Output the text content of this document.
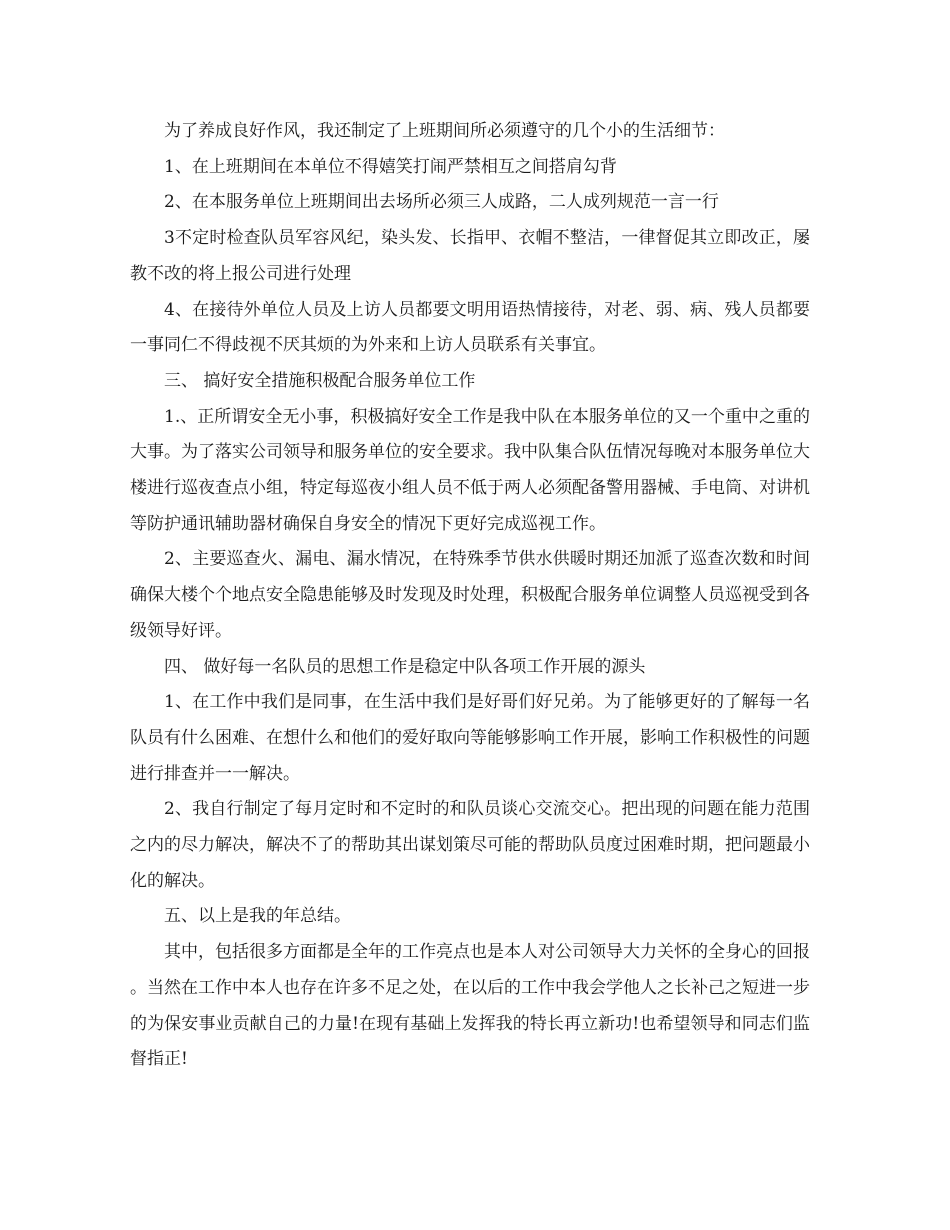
为了养成良好作风，我还制定了上班期间所必须遵守的几个小的生活细节：

1、在上班期间在本单位不得嬉笑打闹严禁相互之间搭肩勾背

2、在本服务单位上班期间出去场所必须三人成路，二人成列规范一言一行

3不定时检查队员军容风纪，染头发、长指甲、衣帽不整洁，一律督促其立即改正，屡教不改的将上报公司进行处理

4、在接待外单位人员及上访人员都要文明用语热情接待，对老、弱、病、残人员都要一事同仁不得歧视不厌其烦的为外来和上访人员联系有关事宜。

三、 搞好安全措施积极配合服务单位工作

1.、正所谓安全无小事，积极搞好安全工作是我中队在本服务单位的又一个重中之重的大事。为了落实公司领导和服务单位的安全要求。我中队集合队伍情况每晚对本服务单位大楼进行巡夜查点小组，特定每巡夜小组人员不低于两人必须配备警用器械、手电筒、对讲机等防护通讯辅助器材确保自身安全的情况下更好完成巡视工作。

2、主要巡查火、漏电、漏水情况，在特殊季节供水供暖时期还加派了巡查次数和时间确保大楼个个地点安全隐患能够及时发现及时处理，积极配合服务单位调整人员巡视受到各级领导好评。

四、 做好每一名队员的思想工作是稳定中队各项工作开展的源头

1、在工作中我们是同事，在生活中我们是好哥们好兄弟。为了能够更好的了解每一名队员有什么困难、在想什么和他们的爱好取向等能够影响工作开展，影响工作积极性的问题进行排查并一一解决。

2、我自行制定了每月定时和不定时的和队员谈心交流交心。把出现的问题在能力范围之内的尽力解决，解决不了的帮助其出谋划策尽可能的帮助队员度过困难时期，把问题最小化的解决。

五、以上是我的年总结。

其中，包括很多方面都是全年的工作亮点也是本人对公司领导大力关怀的全身心的回报。当然在工作中本人也存在许多不足之处，在以后的工作中我会学他人之长补己之短进一步的为保安事业贡献自己的力量!在现有基础上发挥我的特长再立新功!也希望领导和同志们监督指正!
